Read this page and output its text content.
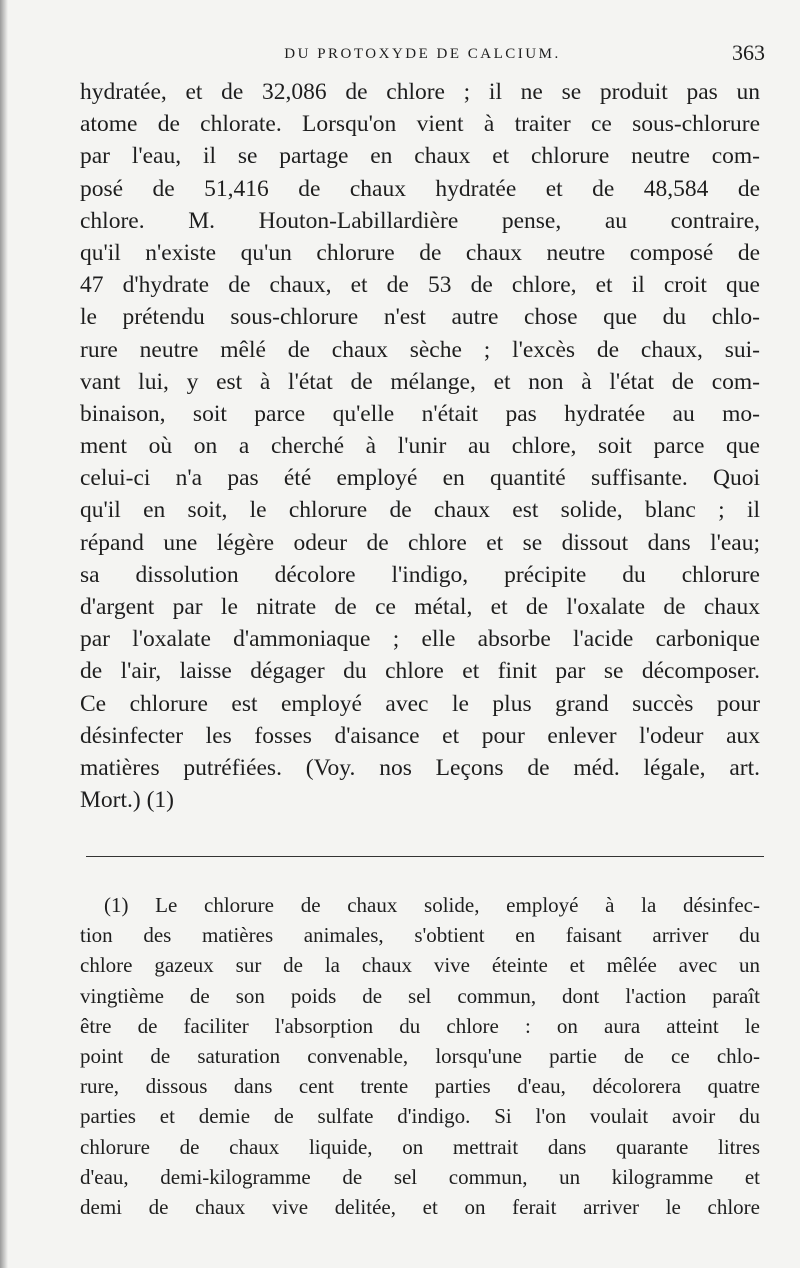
DU PROTOXYDE DE CALCIUM.	363
hydratée, et de 32,086 de chlore ; il ne se produit pas un
atome de chlorate. Lorsqu'on vient à traiter ce sous-chlorure
par l'eau, il se partage en chaux et chlorure neutre com-
posé de 51,416 de chaux hydratée et de 48,584 de
chlore. M. Houton-Labillardière pense, au contraire,
qu'il n'existe qu'un chlorure de chaux neutre composé de
47 d'hydrate de chaux, et de 53 de chlore, et il croit que
le prétendu sous-chlorure n'est autre chose que du chlo-
rure neutre mêlé de chaux sèche ; l'excès de chaux, sui-
vant lui, y est à l'état de mélange, et non à l'état de com-
binaison, soit parce qu'elle n'était pas hydratée au mo-
ment où on a cherché à l'unir au chlore, soit parce que
celui-ci n'a pas été employé en quantité suffisante. Quoi
qu'il en soit, le chlorure de chaux est solide, blanc ; il
répand une légère odeur de chlore et se dissout dans l'eau;
sa dissolution décolore l'indigo, précipite du chlorure
d'argent par le nitrate de ce métal, et de l'oxalate de chaux
par l'oxalate d'ammoniaque ; elle absorbe l'acide carbonique
de l'air, laisse dégager du chlore et finit par se décomposer.
Ce chlorure est employé avec le plus grand succès pour
désinfecter les fosses d'aisance et pour enlever l'odeur aux
matières putréfiées. (Voy. nos Leçons de méd. légale, art.
Mort.) (1)
(1) Le chlorure de chaux solide, employé à la désinfec-
tion des matières animales, s'obtient en faisant arriver du
chlore gazeux sur de la chaux vive éteinte et mêlée avec un
vingtième de son poids de sel commun, dont l'action paraît
être de faciliter l'absorption du chlore : on aura atteint le
point de saturation convenable, lorsqu'une partie de ce chlo-
rure, dissous dans cent trente parties d'eau, décolorera quatre
parties et demie de sulfate d'indigo. Si l'on voulait avoir du
chlorure de chaux liquide, on mettrait dans quarante litres
d'eau, demi-kilogramme de sel commun, un kilogramme et
demi de chaux vive delitée, et on ferait arriver le chlore
